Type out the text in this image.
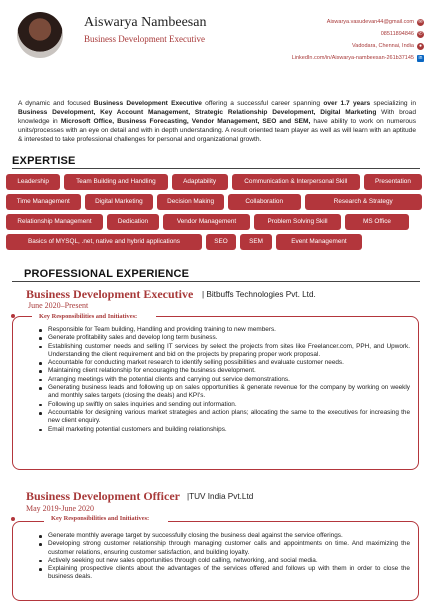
Aiswarya Nambeesan
Business Development Executive
Aiswarya.vasudevan44@gmail.com ✉
08511894846 ✆
Vadodara, Chennai, India ●
LinkedIn.com/in/Aiswarya-nambeesan-261b37145 in
A dynamic and focused Business Development Executive offering a successful career spanning over 1.7 years specializing in Business Development, Key Account Management, Strategic Relationship Development, Digital Marketing With broad knowledge in Microsoft Office, Business Forecasting, Vendor Management, SEO and SEM, have ability to work on numerous units/processes with an eye on detail and with in depth understanding. A result oriented team player as well as will learn with an aptitude & interested to take professional challenges for personal and organizational growth.
EXPERTISE
Leadership	Team Building and Handling	Adaptability	Communication & Interpersonal Skill	Presentation
Time Management	Digital Marketing	Decision Making	Collaboration	Research & Strategy
Relationship Management	Dedication	Vendor Management	Problem Solving Skill	MS Office
Basics of MYSQL, .net, native and hybrid applications	SEO	SEM	Event Management
PROFESSIONAL EXPERIENCE
Business Development Executive | Bitbuffs Technologies Pvt. Ltd.
June 2020–Present
Key Responsibilities and Initiatives:
Responsible for Team building, Handling and providing training to new members.
Generate profitability sales and develop long term business.
Establishing customer needs and selling IT services by select the projects from sites like Freelancer.com, PPH, and Upwork. Understanding the client requirement and bid on the projects by preparing proper work proposal.
Accountable for conducting market research to identify selling possibilities and evaluate customer needs.
Maintaining client relationship for encouraging the business development.
Arranging meetings with the potential clients and carrying out service demonstrations.
Generating business leads and following up on sales opportunities & generate revenue for the company by working on weekly and monthly sales targets (closing the deals) and KPI's.
Following up swiftly on sales inquiries and sending out information.
Accountable for designing various market strategies and action plans; allocating the same to the executives for increasing the new client enquiry.
Email marketing potential customers and building relationships.
Business Development Officer |TUV India Pvt.Ltd
May 2019-June 2020
Key Responsibilities and Initiatives:
Generate monthly average target by successfully closing the business deal against the service offerings.
Developing strong customer relationship through managing customer calls and appointments on time. And maximizing the customer relations, ensuring customer satisfaction, and building loyalty.
Actively seeking out new sales opportunities through cold calling, networking, and social media.
Explaining prospective clients about the advantages of the services offered and follows up with them in order to close the business deals.
